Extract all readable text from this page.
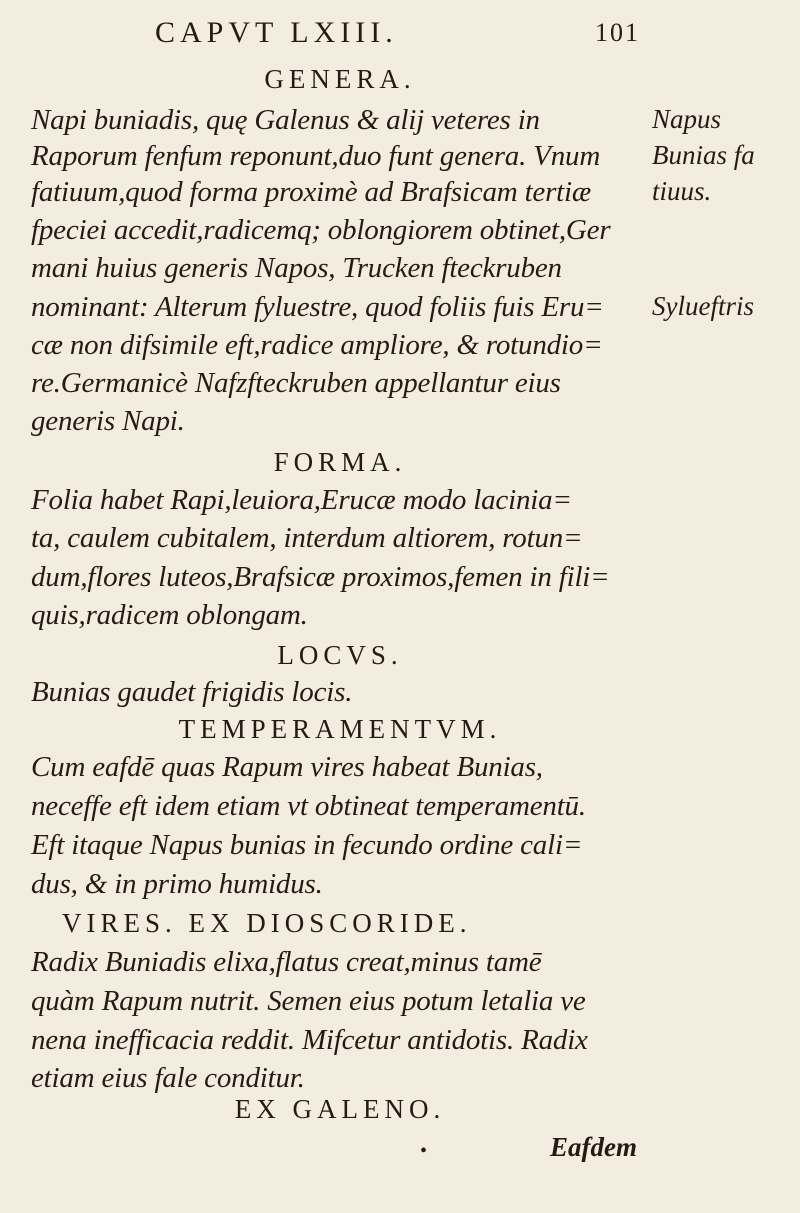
CAPVT LXIII.	101
GENERA.
Napi buniadis, quę Galenus & alij veteres in
Raporum fenfum reponunt,duo funt genera. Vnum
fatiuum,quod forma proximè ad Brafsicam tertiæ
fpeciei accedit,radicemq; oblongiorem obtinet,Ger
mani huius generis Napos, Trucken fteckruben
nominant: Alterum fyluestre, quod foliis fuis Eru=
cæ non difsimile eft,radice ampliore, & rotundio=
re.Germanicè Nafzfteckruben appellantur eius
generis Napi.
Napus
Bunias fa
tiuus.
Sylueftris
FORMA.
Folia habet Rapi,leuiora,Erucæ modo lacinia=
ta, caulem cubitalem, interdum altiorem, rotun=
dum,flores luteos,Brafsicæ proximos,femen in fili=
quis,radicem oblongam.
LOCVS.
Bunias gaudet frigidis locis.
TEMPERAMENTVM.
Cum eafdē quas Rapum vires habeat Bunias,
neceffe eft idem etiam vt obtineat temperamentū.
Eft itaque Napus bunias in fecundo ordine cali=
dus, & in primo humidus.
VIRES. EX DIOSCORIDE.
Radix Buniadis elixa,flatus creat,minus tamē
quàm Rapum nutrit. Semen eius potum letalia ve
nena inefficacia reddit. Mifcetur antidotis. Radix
etiam eius fale conditur.
EX GALENO.
•	Eafdem
